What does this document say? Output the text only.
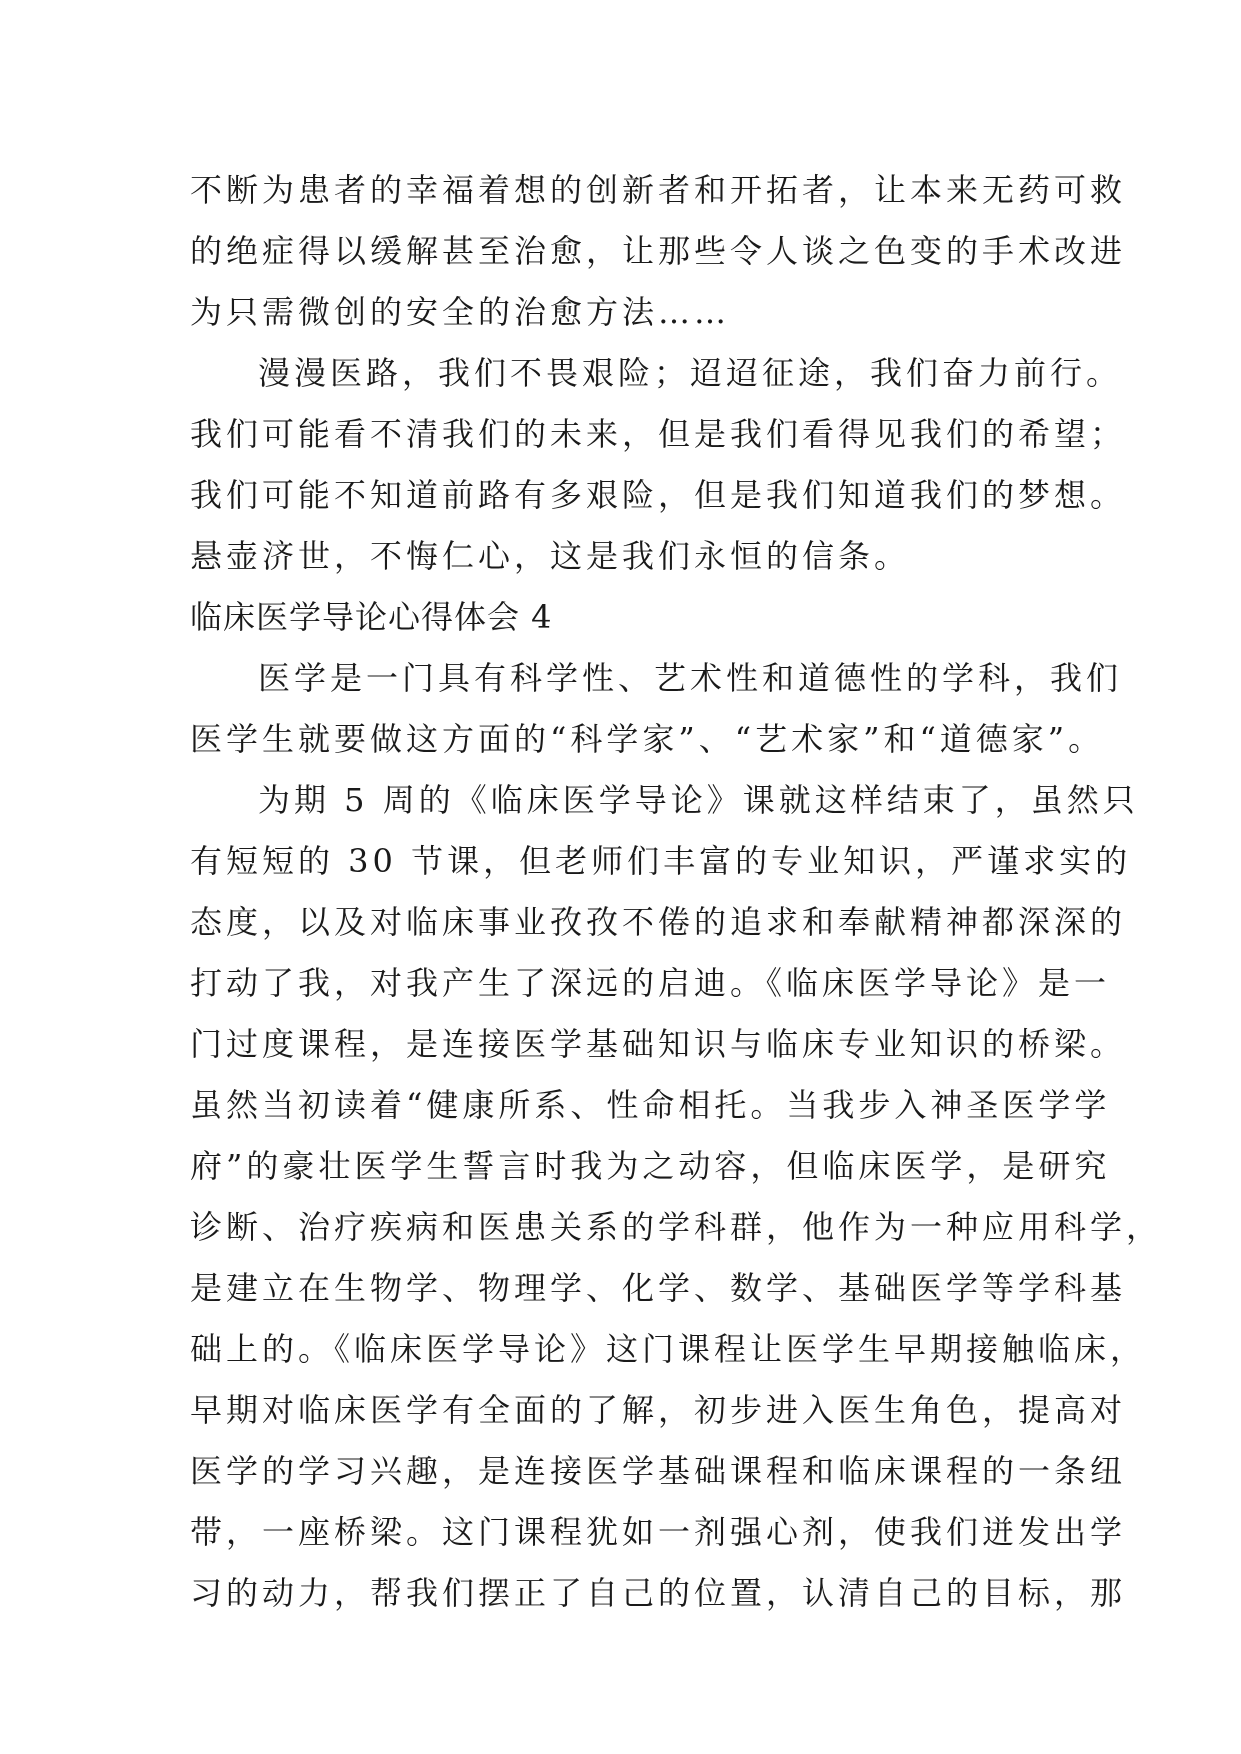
不断为患者的幸福着想的创新者和开拓者，让本来无药可救
的绝症得以缓解甚至治愈，让那些令人谈之色变的手术改进
为只需微创的安全的治愈方法……
漫漫医路，我们不畏艰险；迢迢征途，我们奋力前行。
我们可能看不清我们的未来，但是我们看得见我们的希望；
我们可能不知道前路有多艰险，但是我们知道我们的梦想。
悬壶济世，不悔仁心，这是我们永恒的信条。
临床医学导论心得体会 4
医学是一门具有科学性、艺术性和道德性的学科，我们
医学生就要做这方面的“科学家”、“艺术家”和“道德家”。
为期 5 周的《临床医学导论》课就这样结束了，虽然只
有短短的 30 节课，但老师们丰富的专业知识，严谨求实的
态度，以及对临床事业孜孜不倦的追求和奉献精神都深深的
打动了我，对我产生了深远的启迪。《临床医学导论》是一
门过度课程，是连接医学基础知识与临床专业知识的桥梁。
虽然当初读着“健康所系、性命相托。当我步入神圣医学学
府”的豪壮医学生誓言时我为之动容，但临床医学，是研究
诊断、治疗疾病和医患关系的学科群，他作为一种应用科学，
是建立在生物学、物理学、化学、数学、基础医学等学科基
础上的。《临床医学导论》这门课程让医学生早期接触临床，
早期对临床医学有全面的了解，初步进入医生角色，提高对
医学的学习兴趣，是连接医学基础课程和临床课程的一条纽
带，一座桥梁。这门课程犹如一剂强心剂，使我们迸发出学
习的动力，帮我们摆正了自己的位置，认清自己的目标，那
